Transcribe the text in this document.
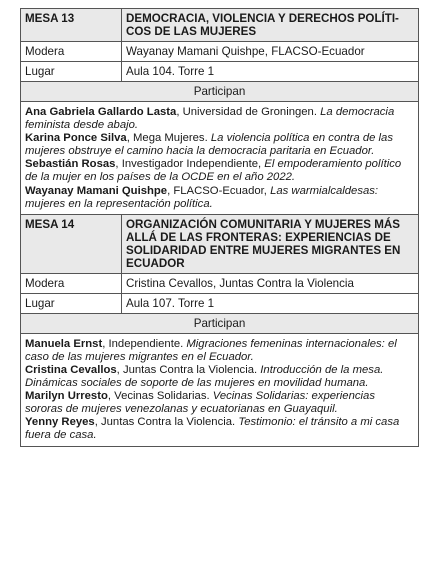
MESA 13	DEMOCRACIA, VIOLENCIA Y DERECHOS POLÍTI-COS DE LAS MUJERES
Modera	Wayanay Mamani Quishpe, FLACSO-Ecuador
Lugar	Aula 104. Torre 1
Participan	

Ana Gabriela Gallardo Lasta, Universidad de Groningen. La democracia feminista desde abajo.
Karina Ponce Silva, Mega Mujeres. La violencia política en contra de las mujeres obstruye el camino hacia la democracia paritaria en Ecuador.
Sebastián Rosas, Investigador Independiente, El empoderamiento político de la mujer en los países de la OCDE en el año 2022.
Wayanay Mamani Quishpe, FLACSO-Ecuador, Las warmialcaldesas: mujeres en la representación política.	

MESA 14	ORGANIZACIÓN COMUNITARIA Y MUJERES MÁS ALLÁ DE LAS FRONTERAS: EXPERIENCIAS DE SOLIDARIDAD ENTRE MUJERES MIGRANTES EN ECUADOR
Modera	Cristina Cevallos, Juntas Contra la Violencia
Lugar	Aula 107. Torre 1
Participan	

Manuela Ernst, Independiente. Migraciones femeninas internacionales: el caso de las mujeres migrantes en el Ecuador.
Cristina Cevallos, Juntas Contra la Violencia. Introducción de la mesa. Dinámicas sociales de soporte de las mujeres en movilidad humana.
Marilyn Urresto, Vecinas Solidarias. Vecinas Solidarias: experiencias sororas de mujeres venezolanas y ecuatorianas en Guayaquil.
Yenny Reyes, Juntas Contra la Violencia. Testimonio: el tránsito a mi casa fuera de casa.	
